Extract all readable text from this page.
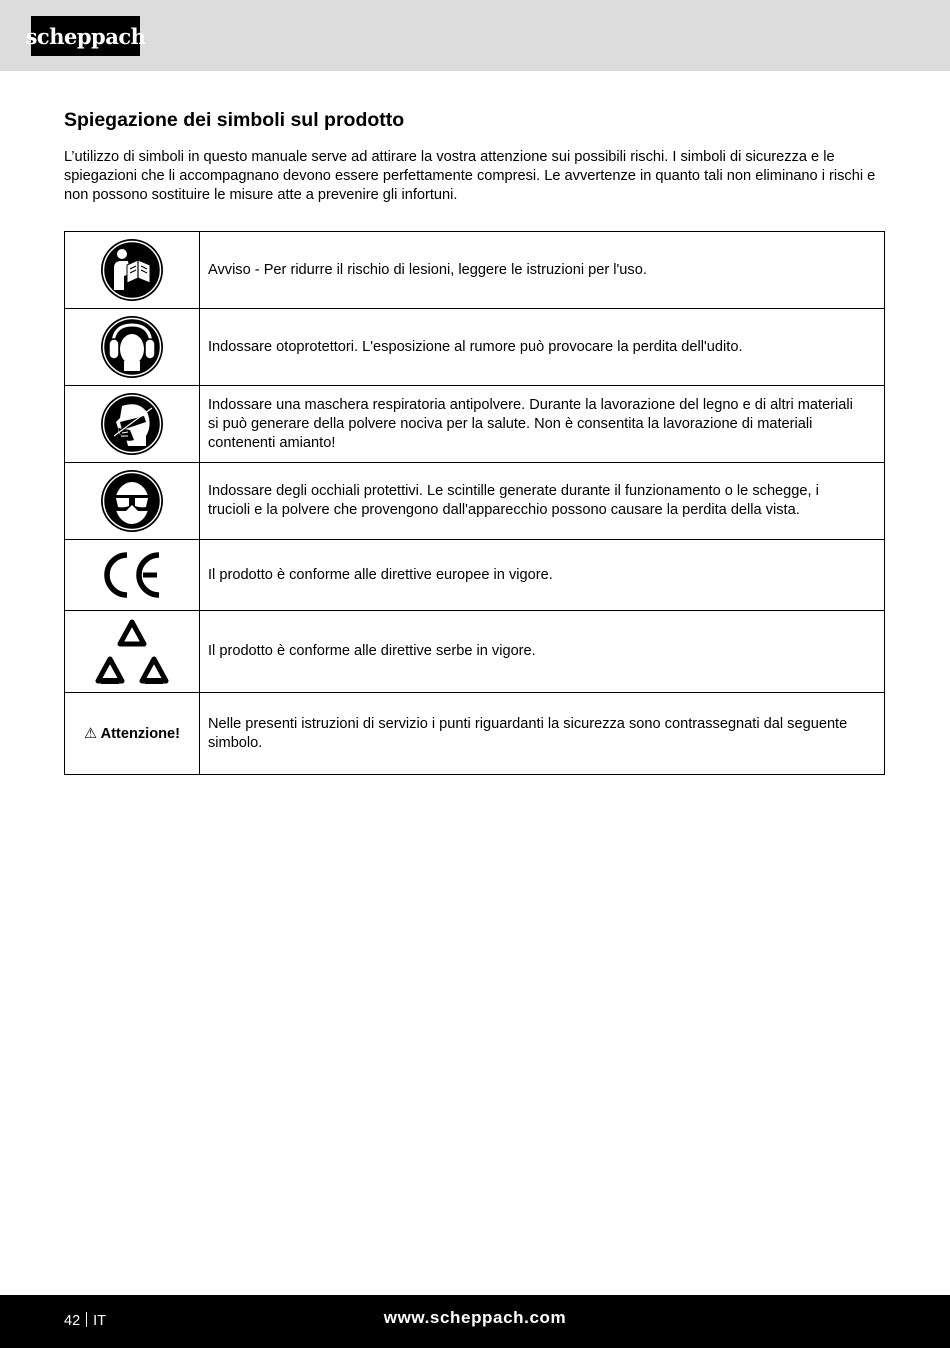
scheppach
Spiegazione dei simboli sul prodotto

L’utilizzo di simboli in questo manuale serve ad attirare la vostra attenzione sui possibili rischi. I simboli di sicurezza e le spiegazioni che li accompagnano devono essere perfettamente compresi. Le avvertenze in quanto tali non eliminano i rischi e non possono sostituire le misure atte a prevenire gli infortuni.

	Avviso - Per ridurre il rischio di lesioni, leggere le istruzioni per l'uso.

	Indossare otoprotettori. L'esposizione al rumore può provocare la perdita dell'udito.

	Indossare una maschera respiratoria antipolvere. Durante la lavorazione del legno e di altri materiali si può generare della polvere nociva per la salute. Non è consentita la lavorazione di materiali contenenti amianto!

	Indossare degli occhiali protettivi. Le scintille generate durante il funzionamento o le schegge, i trucioli e la polvere che provengono dall'apparecchio possono causare la perdita della vista.

	Il prodotto è conforme alle direttive europee in vigore.

	Il prodotto è conforme alle direttive serbe in vigore.
⚠ Attenzione!	Nelle presenti istruzioni di servizio i punti riguardanti la sicurezza sono contrassegnati dal seguente simbolo.
42 IT	www.scheppach.com
